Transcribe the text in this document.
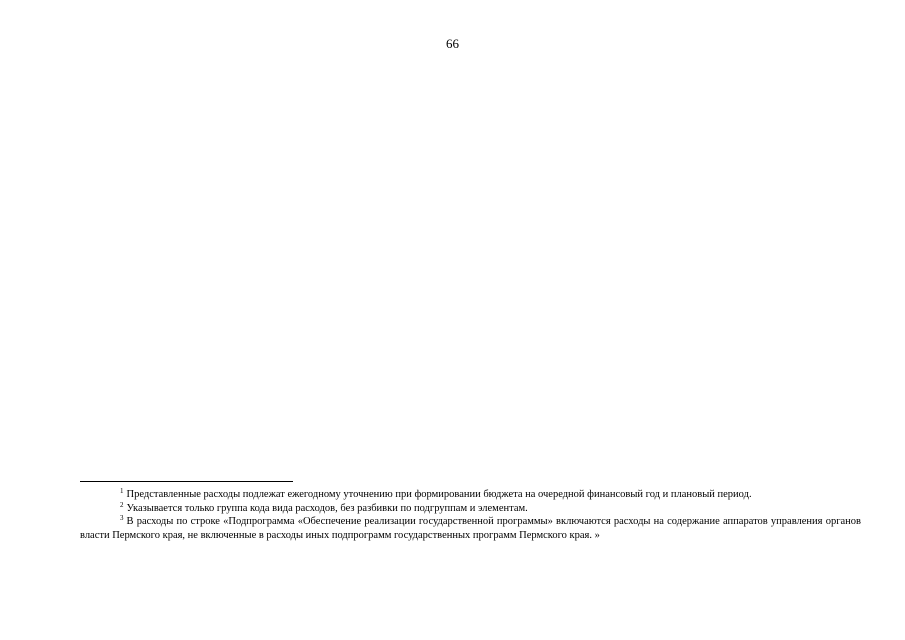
66

$^1$ Представленные расходы подлежат ежегодному уточнению при формировании бюджета на очередной финансовый год и плановый период.

$^2$ Указывается только группа кода вида расходов, без разбивки по подгруппам и элементам.

$^3$ В расходы по строке «Подпрограмма «Обеспечение реализации государственной программы» включаются расходы на содержание аппаратов управления органов власти Пермского края, не включенные в расходы иных подпрограмм государственных программ Пермского края. »
